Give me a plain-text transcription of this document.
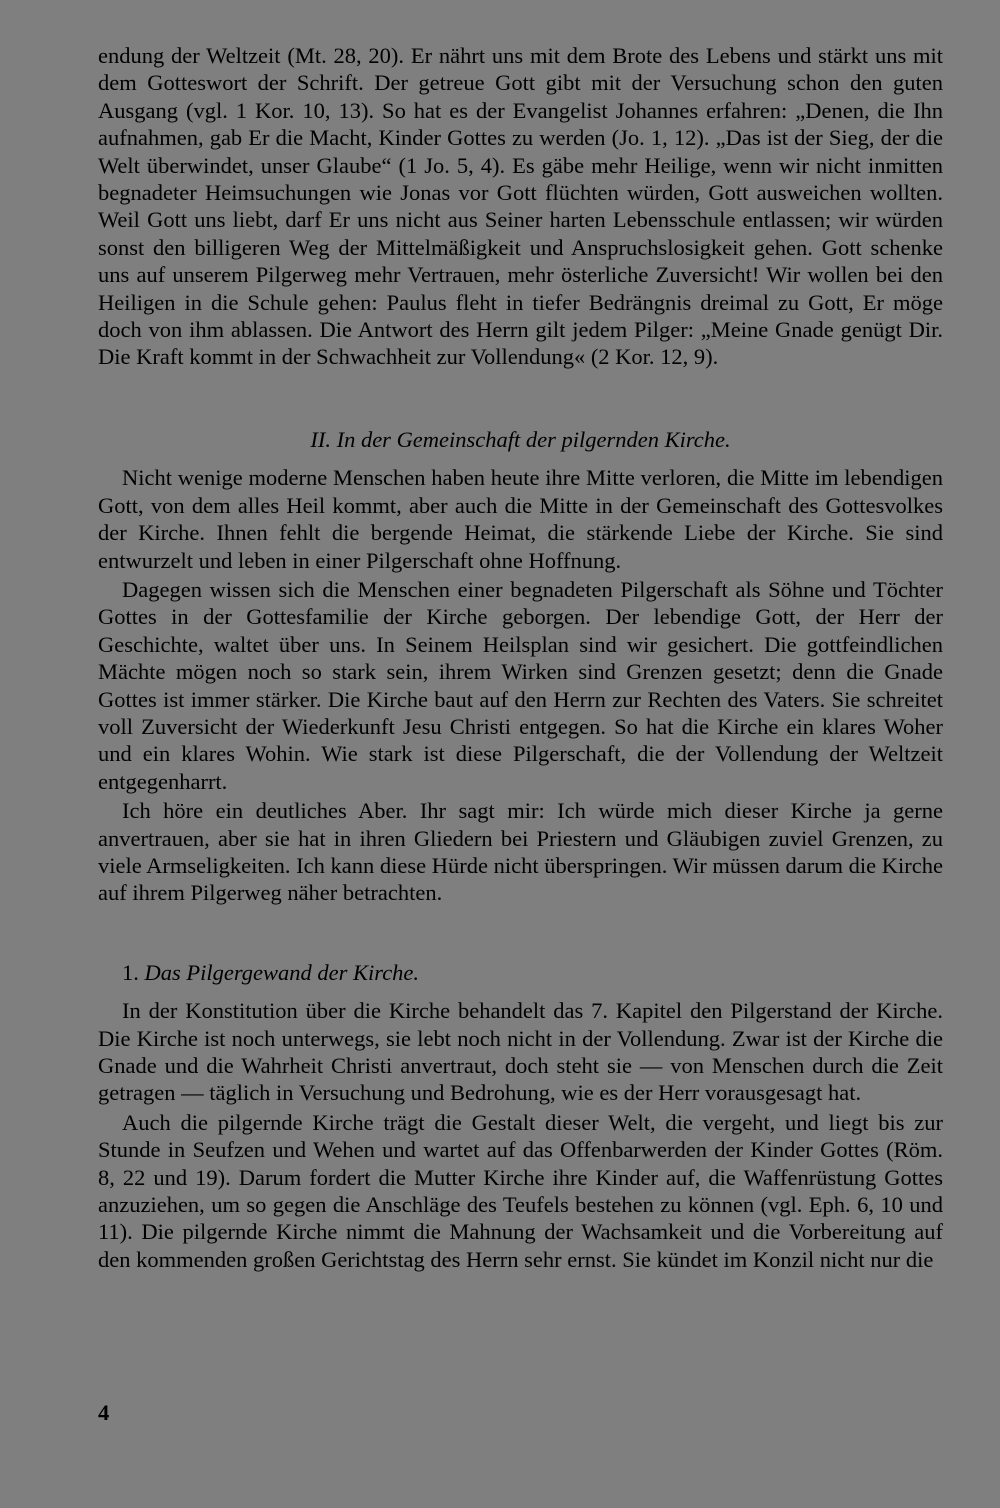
endung der Weltzeit (Mt. 28, 20). Er nährt uns mit dem Brote des Lebens und stärkt uns mit dem Gotteswort der Schrift. Der getreue Gott gibt mit der Versuchung schon den guten Ausgang (vgl. 1 Kor. 10, 13). So hat es der Evangelist Johannes erfahren: „Denen, die Ihn aufnahmen, gab Er die Macht, Kinder Gottes zu werden (Jo. 1, 12). „Das ist der Sieg, der die Welt überwindet, unser Glaube“ (1 Jo. 5, 4). Es gäbe mehr Heilige, wenn wir nicht inmitten begnadeter Heimsuchungen wie Jonas vor Gott flüchten würden, Gott ausweichen wollten. Weil Gott uns liebt, darf Er uns nicht aus Seiner harten Lebensschule entlassen; wir würden sonst den billigeren Weg der Mittelmäßigkeit und Anspruchslosigkeit gehen. Gott schenke uns auf unserem Pilgerweg mehr Vertrauen, mehr österliche Zuversicht! Wir wollen bei den Heiligen in die Schule gehen: Paulus fleht in tiefer Bedrängnis dreimal zu Gott, Er möge doch von ihm ablassen. Die Antwort des Herrn gilt jedem Pilger: „Meine Gnade genügt Dir. Die Kraft kommt in der Schwachheit zur Vollendung« (2 Kor. 12, 9).

II. In der Gemeinschaft der pilgernden Kirche.

Nicht wenige moderne Menschen haben heute ihre Mitte verloren, die Mitte im lebendigen Gott, von dem alles Heil kommt, aber auch die Mitte in der Gemeinschaft des Gottesvolkes der Kirche. Ihnen fehlt die bergende Heimat, die stärkende Liebe der Kirche. Sie sind entwurzelt und leben in einer Pilgerschaft ohne Hoffnung.

Dagegen wissen sich die Menschen einer begnadeten Pilgerschaft als Söhne und Töchter Gottes in der Gottesfamilie der Kirche geborgen. Der lebendige Gott, der Herr der Geschichte, waltet über uns. In Seinem Heilsplan sind wir gesichert. Die gottfeindlichen Mächte mögen noch so stark sein, ihrem Wirken sind Grenzen gesetzt; denn die Gnade Gottes ist immer stärker. Die Kirche baut auf den Herrn zur Rechten des Vaters. Sie schreitet voll Zuversicht der Wiederkunft Jesu Christi entgegen. So hat die Kirche ein klares Woher und ein klares Wohin. Wie stark ist diese Pilgerschaft, die der Vollendung der Weltzeit entgegenharrt.

Ich höre ein deutliches Aber. Ihr sagt mir: Ich würde mich dieser Kirche ja gerne anvertrauen, aber sie hat in ihren Gliedern bei Priestern und Gläubigen zuviel Grenzen, zu viele Armseligkeiten. Ich kann diese Hürde nicht überspringen. Wir müssen darum die Kirche auf ihrem Pilgerweg näher betrachten.

1. Das Pilgergewand der Kirche.

In der Konstitution über die Kirche behandelt das 7. Kapitel den Pilgerstand der Kirche. Die Kirche ist noch unterwegs, sie lebt noch nicht in der Vollendung. Zwar ist der Kirche die Gnade und die Wahrheit Christi anvertraut, doch steht sie — von Menschen durch die Zeit getragen — täglich in Versuchung und Bedrohung, wie es der Herr vorausgesagt hat.

Auch die pilgernde Kirche trägt die Gestalt dieser Welt, die vergeht, und liegt bis zur Stunde in Seufzen und Wehen und wartet auf das Offenbarwerden der Kinder Gottes (Röm. 8, 22 und 19). Darum fordert die Mutter Kirche ihre Kinder auf, die Waffenrüstung Gottes anzuziehen, um so gegen die Anschläge des Teufels bestehen zu können (vgl. Eph. 6, 10 und 11). Die pilgernde Kirche nimmt die Mahnung der Wachsamkeit und die Vorbereitung auf den kommenden großen Gerichtstag des Herrn sehr ernst. Sie kündet im Konzil nicht nur die

4
